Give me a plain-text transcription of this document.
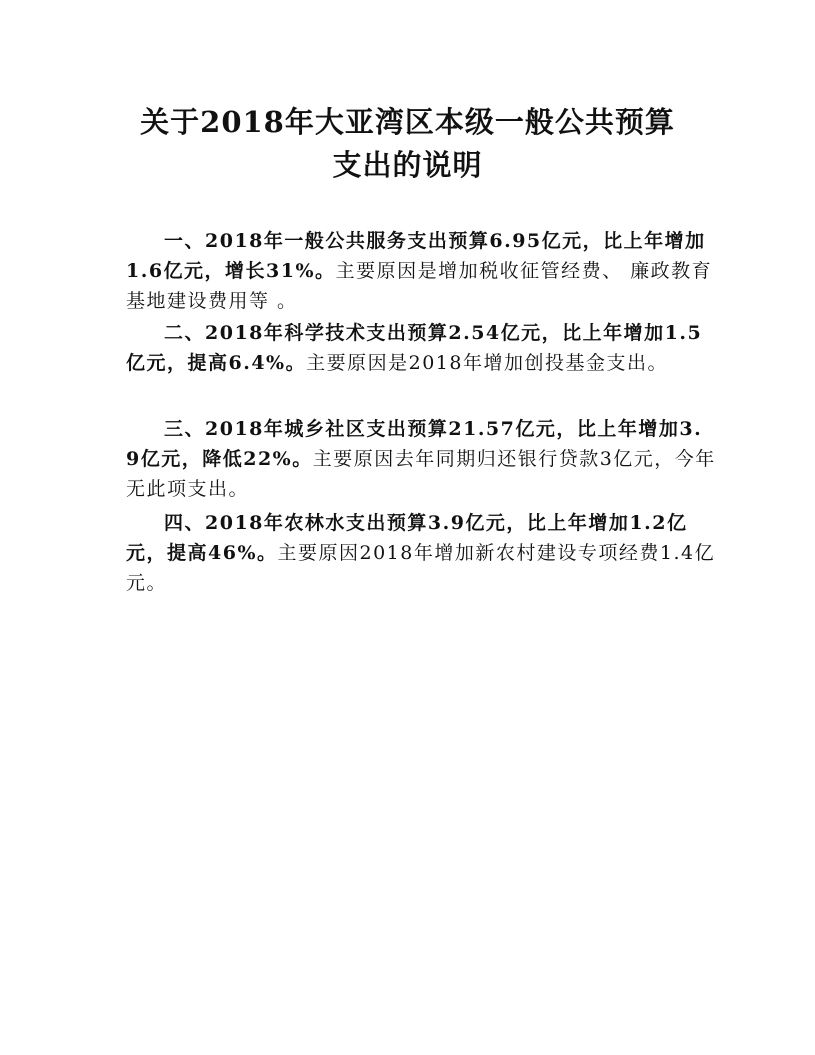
关于2018年大亚湾区本级一般公共预算
支出的说明

一、2018年一般公共服务支出预算6.95亿元，比上年增加1.6亿元，增长31%。主要原因是增加税收征管经费、 廉政教育基地建设费用等 。

二、2018年科学技术支出预算2.54亿元，比上年增加1.5亿元，提高6.4%。主要原因是2018年增加创投基金支出。

三、2018年城乡社区支出预算21.57亿元，比上年增加3.9亿元，降低22%。主要原因去年同期归还银行贷款3亿元，今年无此项支出。

四、2018年农林水支出预算3.9亿元，比上年增加1.2亿元，提高46%。主要原因2018年增加新农村建设专项经费1.4亿元。
